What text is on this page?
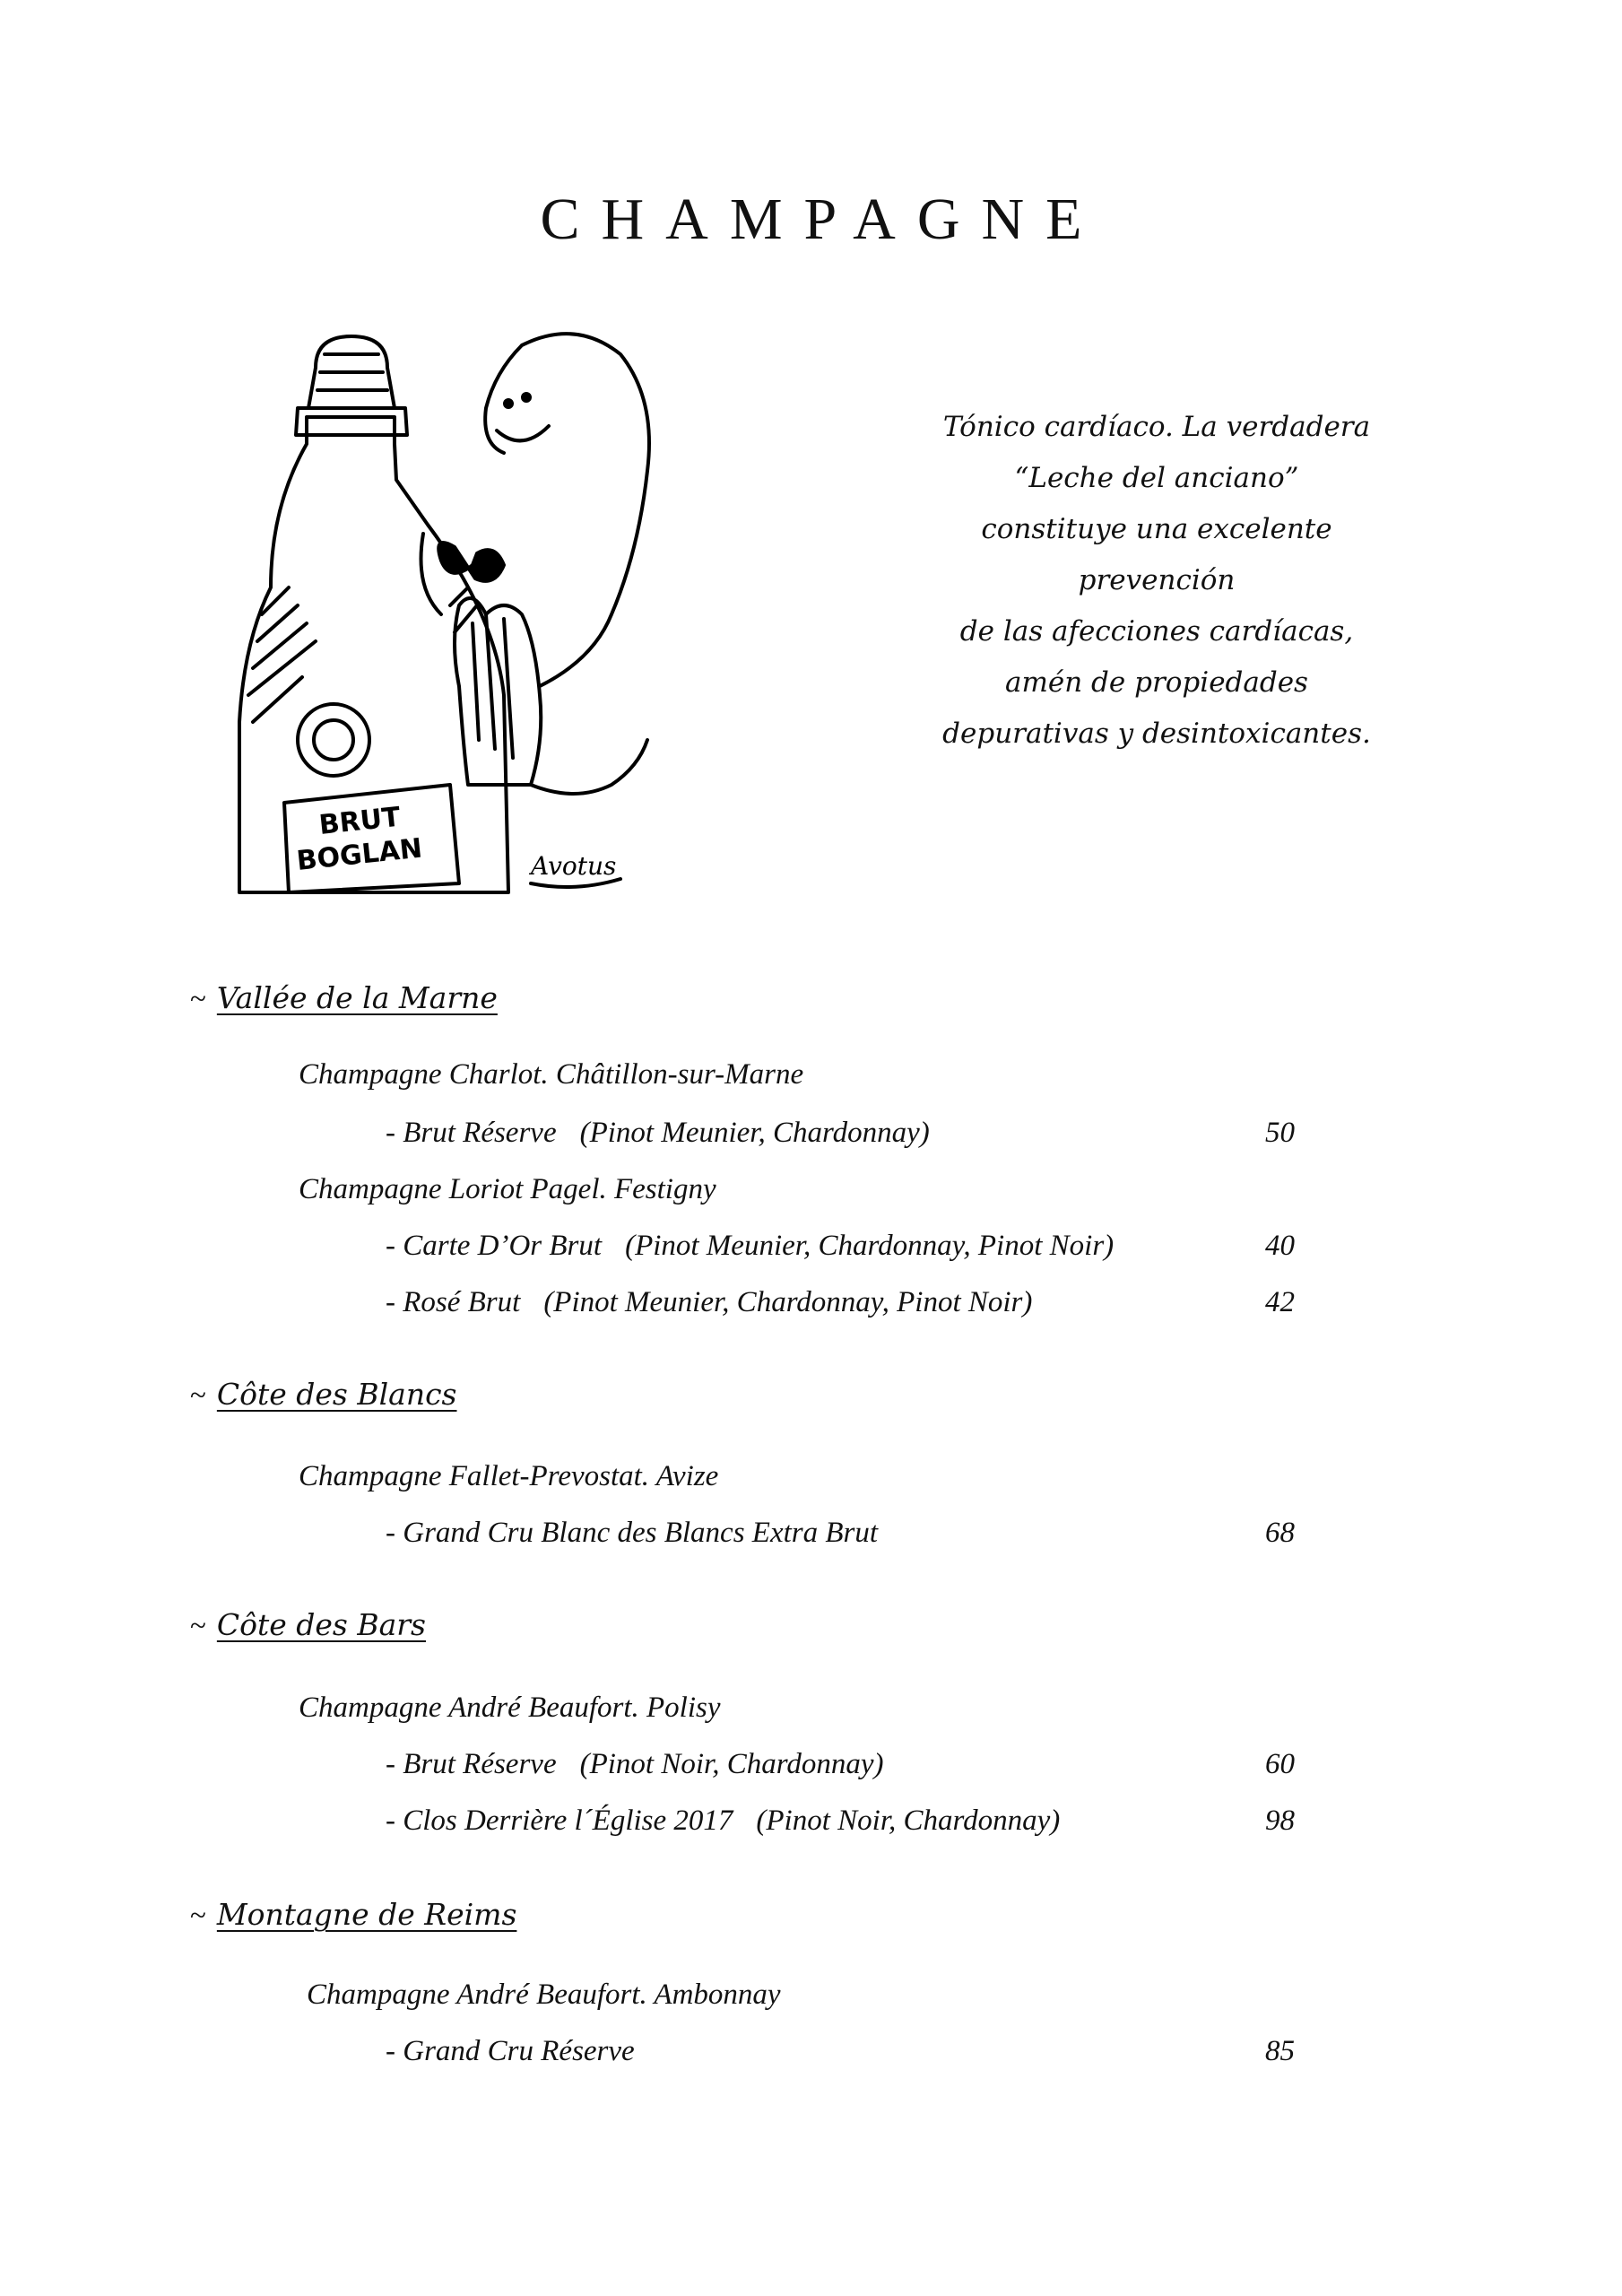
CHAMPAGNE
BRUT
BOGLAN	Avotus
Tónico cardíaco. La verdadera
“Leche del anciano”
constituye una excelente
prevención
de las afecciones cardíacas,
amén de propiedades
depurativas y desintoxicantes.
~ Vallée de la Marne
Champagne Charlot. Châtillon-sur-Marne
- Brut Réserve (Pinot Meunier, Chardonnay)	50
Champagne Loriot Pagel. Festigny
- Carte D’Or Brut (Pinot Meunier, Chardonnay, Pinot Noir)	40
- Rosé Brut (Pinot Meunier, Chardonnay, Pinot Noir)	42
~ Côte des Blancs
Champagne Fallet-Prevostat. Avize
- Grand Cru Blanc des Blancs Extra Brut	68
~ Côte des Bars
Champagne André Beaufort. Polisy
- Brut Réserve (Pinot Noir, Chardonnay)	60
- Clos Derrière l´Église 2017 (Pinot Noir, Chardonnay)	98
~ Montagne de Reims
Champagne André Beaufort. Ambonnay
- Grand Cru Réserve	85
